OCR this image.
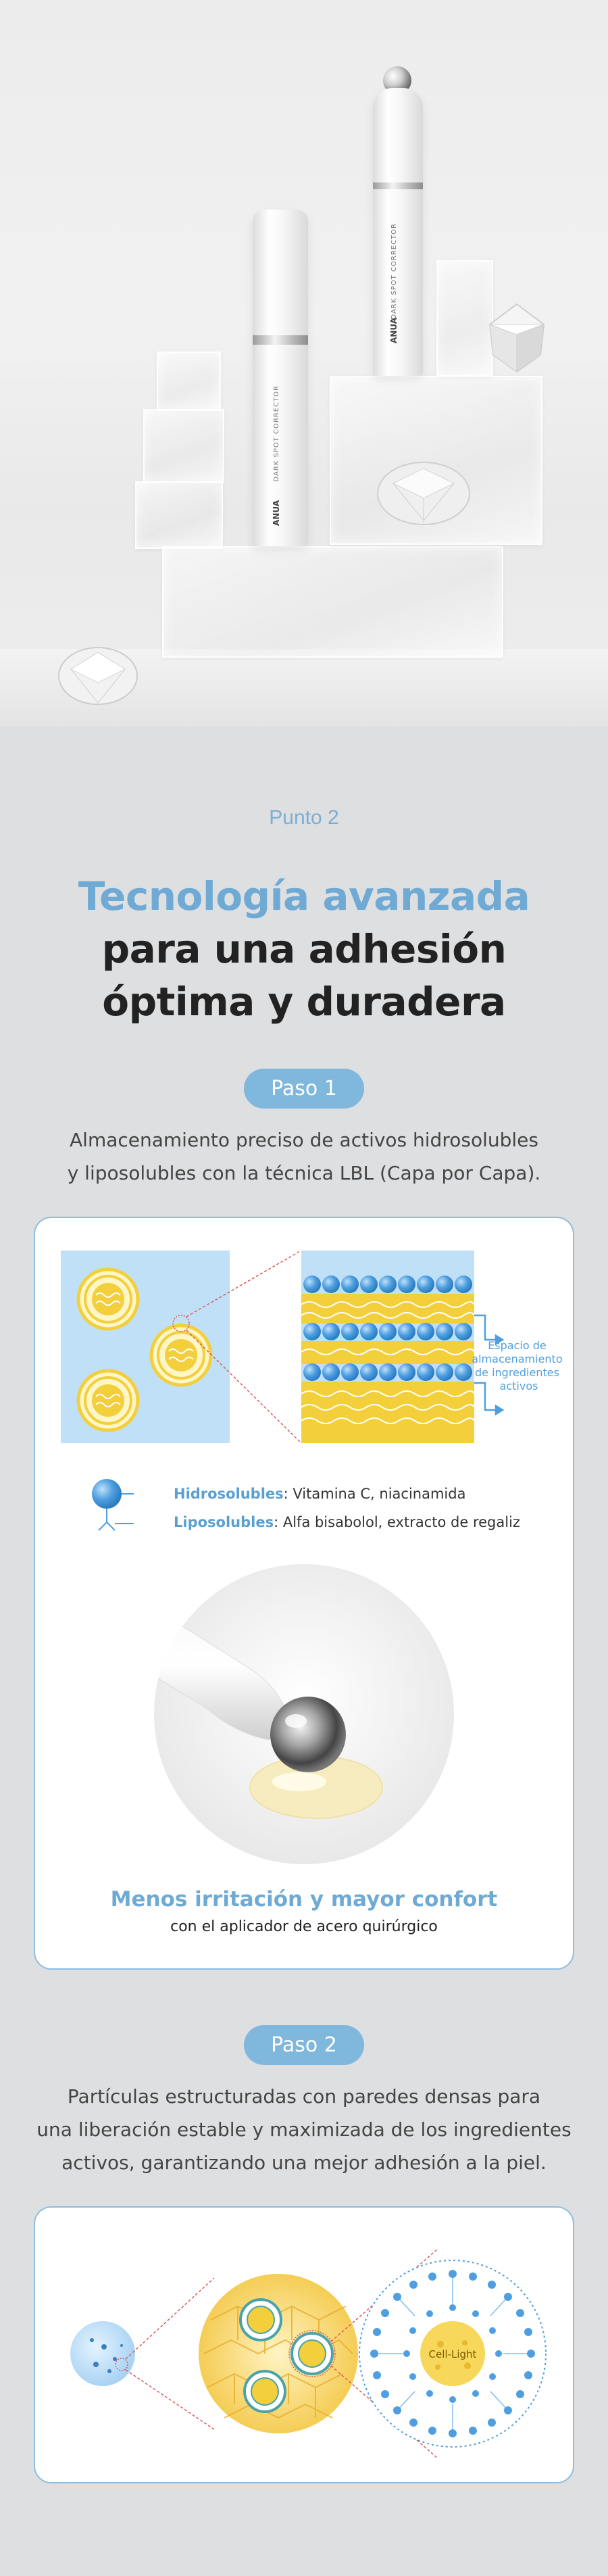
DARK SPOT CORRECTOR
ANUA
DARK SPOT CORRECTOR
ANUA
Punto 2
Tecnología avanzada
para una adhesión
óptima y duradera
Paso 1

Almacenamiento preciso de activos hidrosolubles
y liposolubles con la técnica LBL (Capa por Capa).

Espacio de almacenamiento de ingredientes activos
Hidrosolubles: Vitamina C, niacinamida
Liposolubles: Alfa bisabolol, extracto de regaliz
Menos irritación y mayor confort
con el aplicador de acero quirúrgico
Paso 2

Partículas estructuradas con paredes densas para
una liberación estable y maximizada de los ingredientes
activos, garantizando una mejor adhesión a la piel.

Cell-Light
